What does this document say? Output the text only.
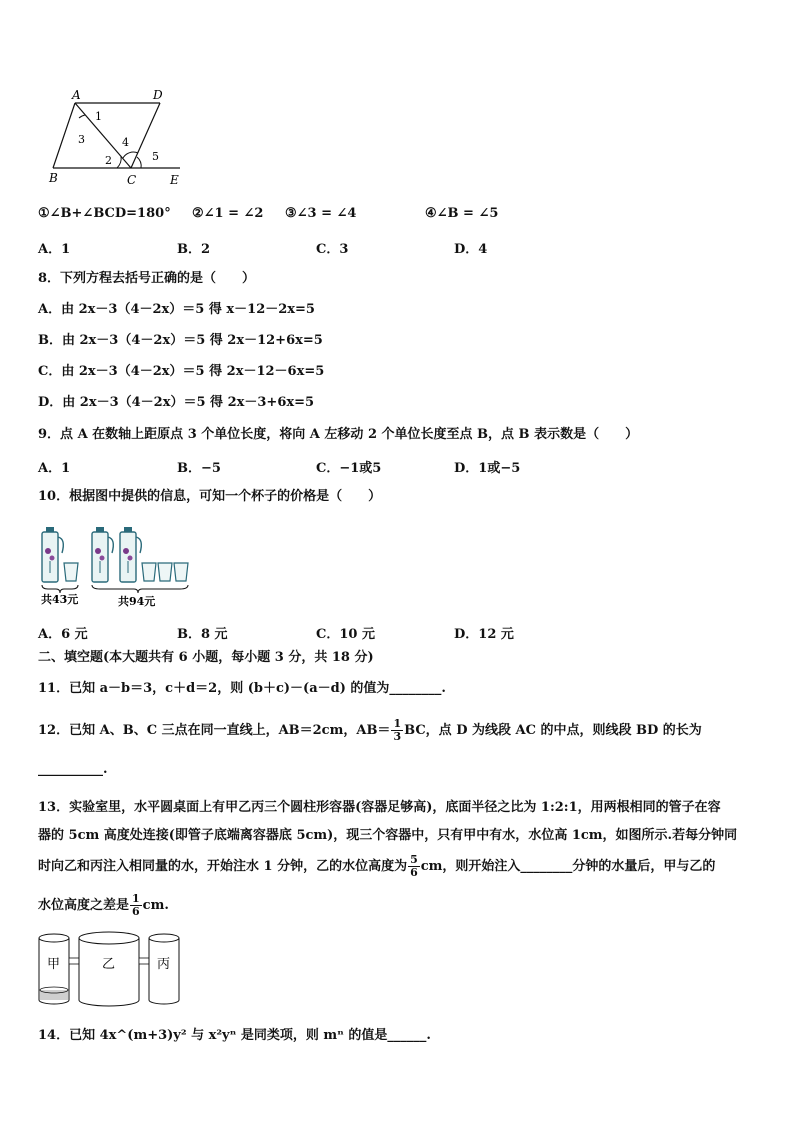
A	D
B	C	E
1
3
2
4
5
①∠B+∠BCD=180° ②∠1 = ∠2 ③∠3 = ∠4	④∠B = ∠5
A．1	B．2	C．3	D．4
8．下列方程去括号正确的是（　　）
A．由 2x－3（4－2x）＝5 得 x－12－2x=5
B．由 2x－3（4－2x）＝5 得 2x－12+6x=5
C．由 2x－3（4－2x）＝5 得 2x－12－6x=5
D．由 2x－3（4－2x）＝5 得 2x－3+6x=5
9．点 A 在数轴上距原点 3 个单位长度，将向 A 左移动 2 个单位长度至点 B，点 B 表示数是（　　）
A．1	B．−5	C．−1或5	D．1或−5
10．根据图中提供的信息，可知一个杯子的价格是（　　）
共43元	共94元
A．6 元	B．8 元	C．10 元	D．12 元
二、填空题(本大题共有 6 小题，每小题 3 分，共 18 分)
11．已知 a－b＝3，c＋d＝2，则 (b＋c)－(a－d) 的值为________.
12．已知 A、B、C 三点在同一直线上，AB＝2cm，$AB= \frac{1}{3}$ BC，点 D 为线段 AC 的中点，则线段 BD 的长为
__________.
13．实验室里，水平圆桌面上有甲乙丙三个圆柱形容器(容器足够高)，底面半径之比为 1:2:1，用两根相同的管子在容
器的 5cm 高度处连接(即管子底端离容器底 5cm)，现三个容器中，只有甲中有水，水位高 1cm，如图所示.若每分钟同
时向乙和丙注入相同量的水，开始注水 1 分钟，乙的水位高度为 $\frac{5}{6}$ cm，则开始注入________分钟的水量后，甲与乙的
水位高度之差是 $\frac{1}{6}$ cm.
甲	乙	丙
14．已知 4x^(m+3)y² 与 x²yⁿ 是同类项，则 mⁿ 的值是______.
